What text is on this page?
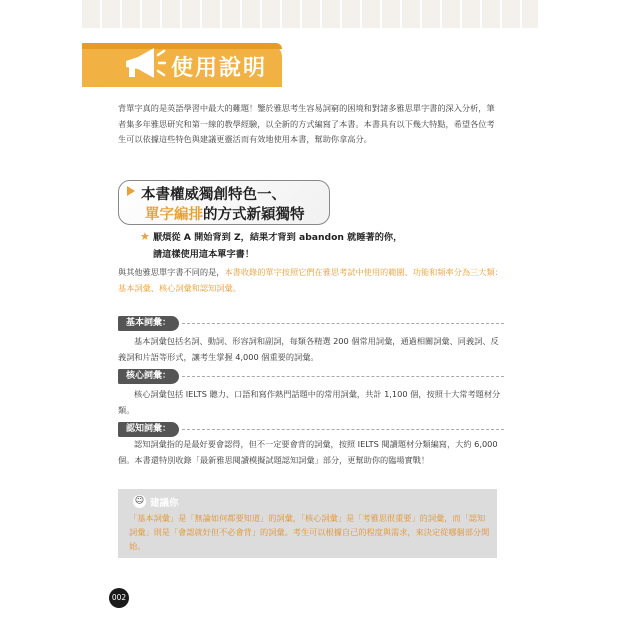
使用說明
背單字真的是英語學習中最大的難題！鑒於雅思考生容易詞窮的困境和對諸多雅思單字書的深入分析，筆者集多年雅思研究和第一線的教學經驗，以全新的方式編寫了本書。本書具有以下幾大特點，希望各位考生可以依據這些特色與建議更靈活而有效地使用本書，幫助你拿高分。
本書權威獨創特色一、
單字編排的方式新穎獨特
★ 厭煩從 A 開始背到 Z，結果才背到 abandon 就睡著的你，
請這樣使用這本單字書！
與其他雅思單字書不同的是，本書收錄的單字按照它們在雅思考試中使用的範圍、功能和頻率分為三大類：基本詞彙、核心詞彙和認知詞彙。
基本詞彙：
基本詞彙包括名詞、動詞、形容詞和副詞，每類各精選 200 個常用詞彙，通過相關詞彙、同義詞、反義詞和片語等形式，讓考生掌握 4,000 個重要的詞彙。
核心詞彙：
核心詞彙包括 IELTS 聽力、口語和寫作熱門話題中的常用詞彙，共計 1,100 個，按照十大常考題材分類。
認知詞彙：
認知詞彙指的是最好要會認得，但不一定要會背的詞彙，按照 IELTS 閱讀題材分類編寫，大約 6,000 個。本書還特別收錄「最新雅思閱讀模擬試題認知詞彙」部分，更幫助你的臨場實戰！
☺ 建議你
「基本詞彙」是「無論如何都要知道」的詞彙，「核心詞彙」是「考雅思很重要」的詞彙，而「認知詞彙」則是「會認就好但不必會背」的詞彙。考生可以根據自己的程度與需求，來決定從哪個部分開始。
002
